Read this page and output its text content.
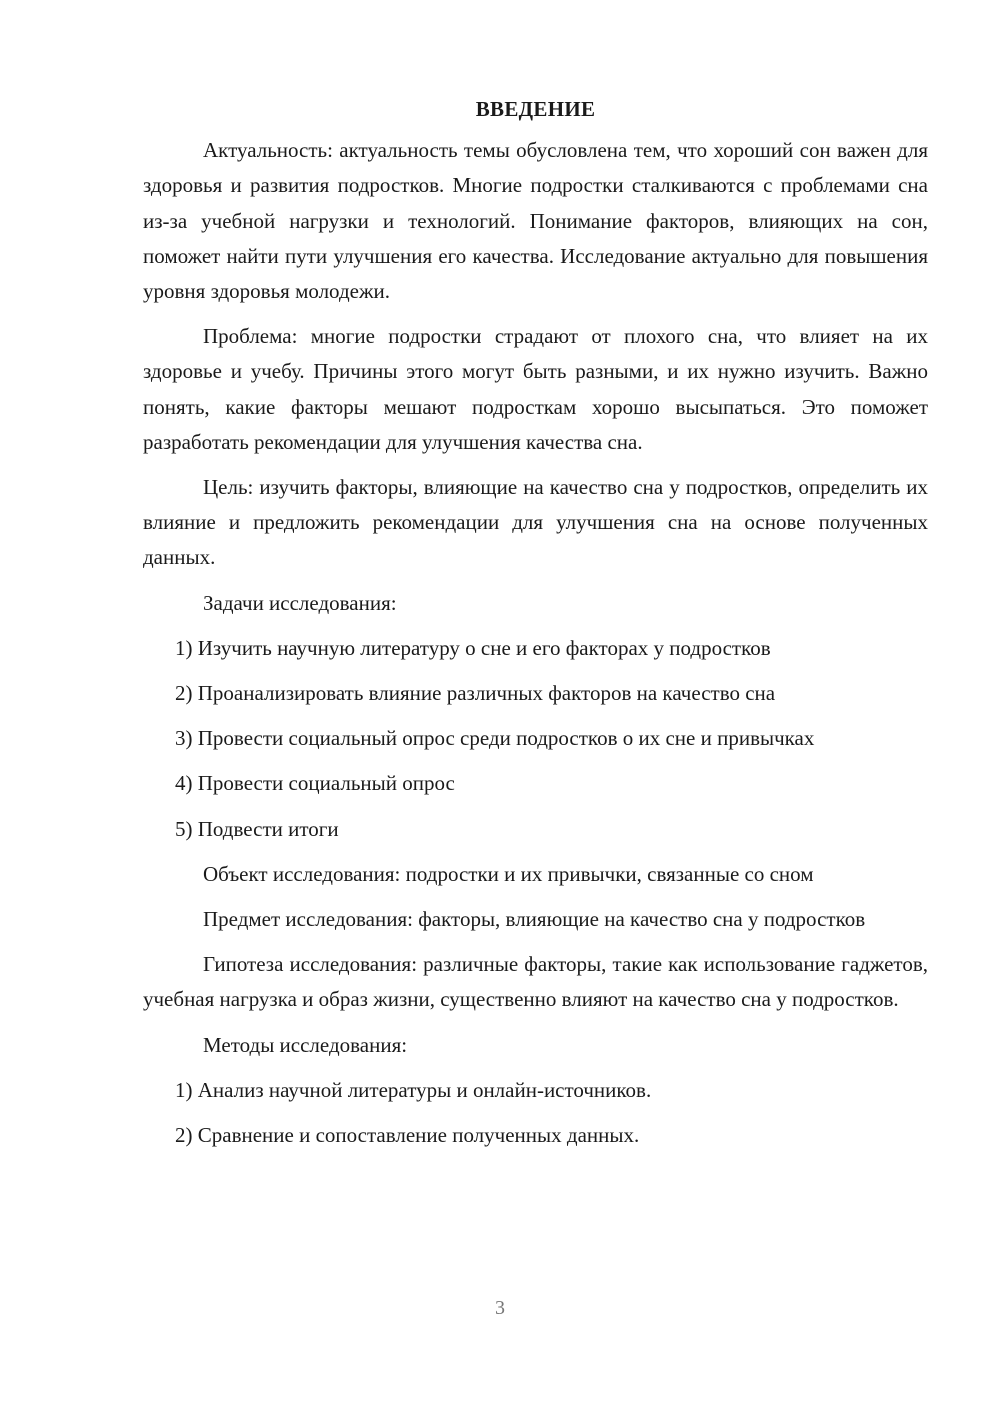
ВВЕДЕНИЕ

Актуальность: актуальность темы обусловлена тем, что хороший сон важен для здоровья и развития подростков. Многие подростки сталкиваются с проблемами сна из-за учебной нагрузки и технологий. Понимание факторов, влияющих на сон, поможет найти пути улучшения его качества. Исследование актуально для повышения уровня здоровья молодежи.

Проблема: многие подростки страдают от плохого сна, что влияет на их здоровье и учебу. Причины этого могут быть разными, и их нужно изучить. Важно понять, какие факторы мешают подросткам хорошо высыпаться. Это поможет разработать рекомендации для улучшения качества сна.

Цель: изучить факторы, влияющие на качество сна у подростков, определить их влияние и предложить рекомендации для улучшения сна на основе полученных данных.

Задачи исследования:

1) Изучить научную литературу о сне и его факторах у подростков
2) Проанализировать влияние различных факторов на качество сна
3) Провести социальный опрос среди подростков о их сне и привычках
4) Провести социальный опрос
5) Подвести итоги

Объект исследования: подростки и их привычки, связанные со сном

Предмет исследования: факторы, влияющие на качество сна у подростков

Гипотеза исследования: различные факторы, такие как использование гаджетов, учебная нагрузка и образ жизни, существенно влияют на качество сна у подростков.

Методы исследования:

1) Анализ научной литературы и онлайн-источников.
2) Сравнение и сопоставление полученных данных.
3
